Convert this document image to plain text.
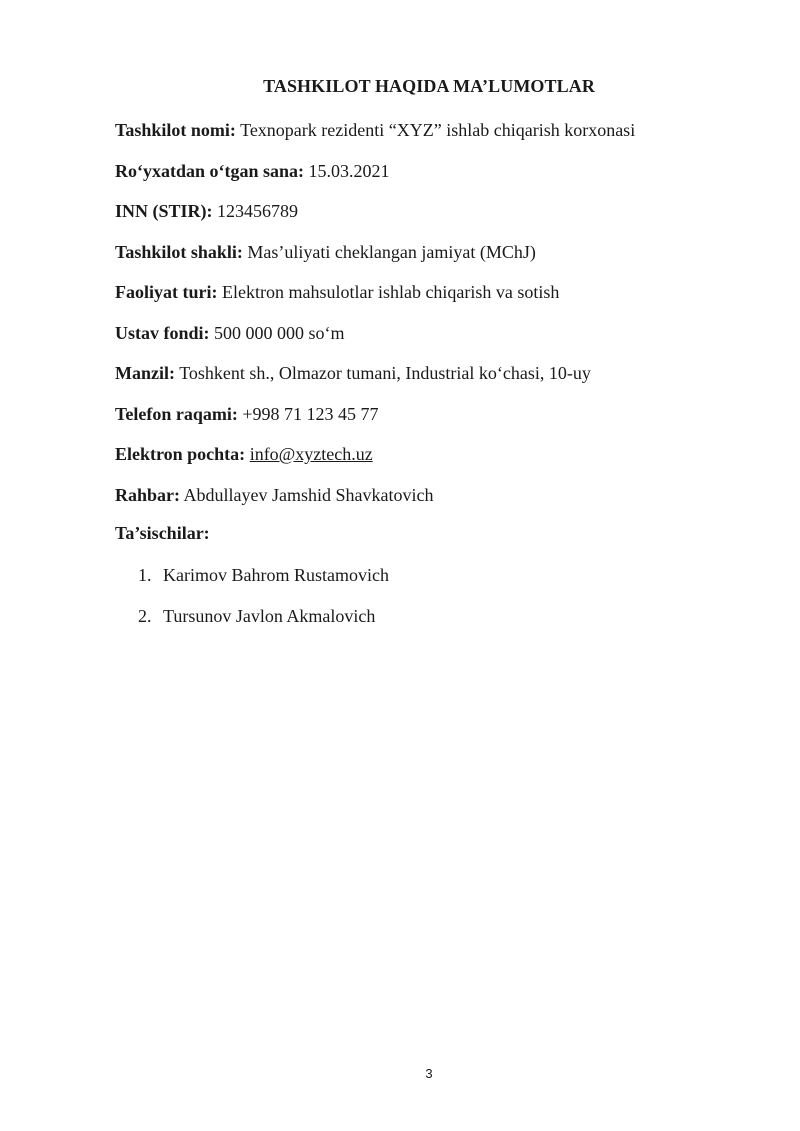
TASHKILOT HAQIDA MA’LUMOTLAR
Tashkilot nomi: Texnopark rezidenti “XYZ” ishlab chiqarish korxonasi
Ro‘yxatdan o‘tgan sana: 15.03.2021
INN (STIR): 123456789
Tashkilot shakli: Mas’uliyati cheklangan jamiyat (MChJ)
Faoliyat turi: Elektron mahsulotlar ishlab chiqarish va sotish
Ustav fondi: 500 000 000 so‘m
Manzil: Toshkent sh., Olmazor tumani, Industrial ko‘chasi, 10-uy
Telefon raqami: +998 71 123 45 77
Elektron pochta: info@xyztech.uz
Rahbar: Abdullayev Jamshid Shavkatovich
Ta’sischilar:
1. Karimov Bahrom Rustamovich
2. Tursunov Javlon Akmalovich
3
